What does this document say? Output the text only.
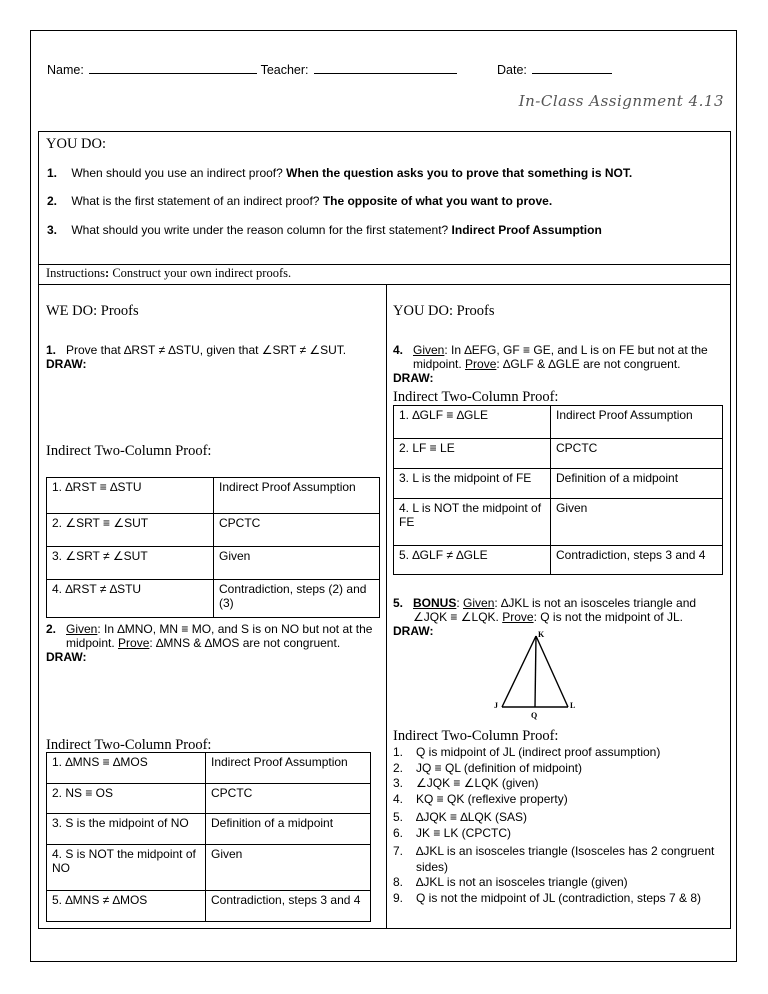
Name:	Teacher:	Date:
In-Class Assignment 4.13
YOU DO:
1. When should you use an indirect proof? When the question asks you to prove that something is NOT.
2. What is the first statement of an indirect proof? The opposite of what you want to prove.
3. What should you write under the reason column for the first statement? Indirect Proof Assumption
Instructions: Construct your own indirect proofs.
WE DO: Proofs
1. Prove that ∆RST ≠ ∆STU, given that ∠SRT ≠ ∠SUT.
DRAW:
Indirect Two-Column Proof:
1. ∆RST ≡ ∆STU	Indirect Proof Assumption
2. ∠SRT ≡ ∠SUT	CPCTC
3. ∠SRT ≠ ∠SUT	Given
4. ∆RST ≠ ∆STU	Contradiction, steps (2) and (3)
2. Given: In ∆MNO, MN ≡ MO, and S is on NO but not at the midpoint. Prove: ∆MNS & ∆MOS are not congruent.
DRAW:
Indirect Two-Column Proof:
1. ∆MNS ≡ ∆MOS	Indirect Proof Assumption
2. NS ≡ OS	CPCTC
3. S is the midpoint of NO	Definition of a midpoint
4. S is NOT the midpoint of NO	Given
5. ∆MNS ≠ ∆MOS	Contradiction, steps 3 and 4
YOU DO: Proofs
4. Given: In ∆EFG, GF ≡ GE, and L is on FE but not at the midpoint. Prove: ∆GLF & ∆GLE are not congruent.
DRAW:
Indirect Two-Column Proof:
1. ∆GLF ≡ ∆GLE	Indirect Proof Assumption
2. LF ≡ LE	CPCTC
3. L is the midpoint of FE	Definition of a midpoint
4. L is NOT the midpoint of FE	Given
5. ∆GLF ≠ ∆GLE	Contradiction, steps 3 and 4
5. BONUS: Given: ∆JKL is not an isosceles triangle and ∠JQK ≡ ∠LQK. Prove: Q is not the midpoint of JL.
DRAW:	K
J	L
Q
Indirect Two-Column Proof:
1.	Q is midpoint of JL (indirect proof assumption)
2.	JQ ≡ QL (definition of midpoint)
3.	∠JQK ≡ ∠LQK (given)
4.	KQ ≡ QK (reflexive property)
5.	∆JQK ≡ ∆LQK (SAS)
6.	JK ≡ LK (CPCTC)
7.	∆JKL is an isosceles triangle (Isosceles has 2 congruent sides)
8.	∆JKL is not an isosceles triangle (given)
9.	Q is not the midpoint of JL (contradiction, steps 7 & 8)
